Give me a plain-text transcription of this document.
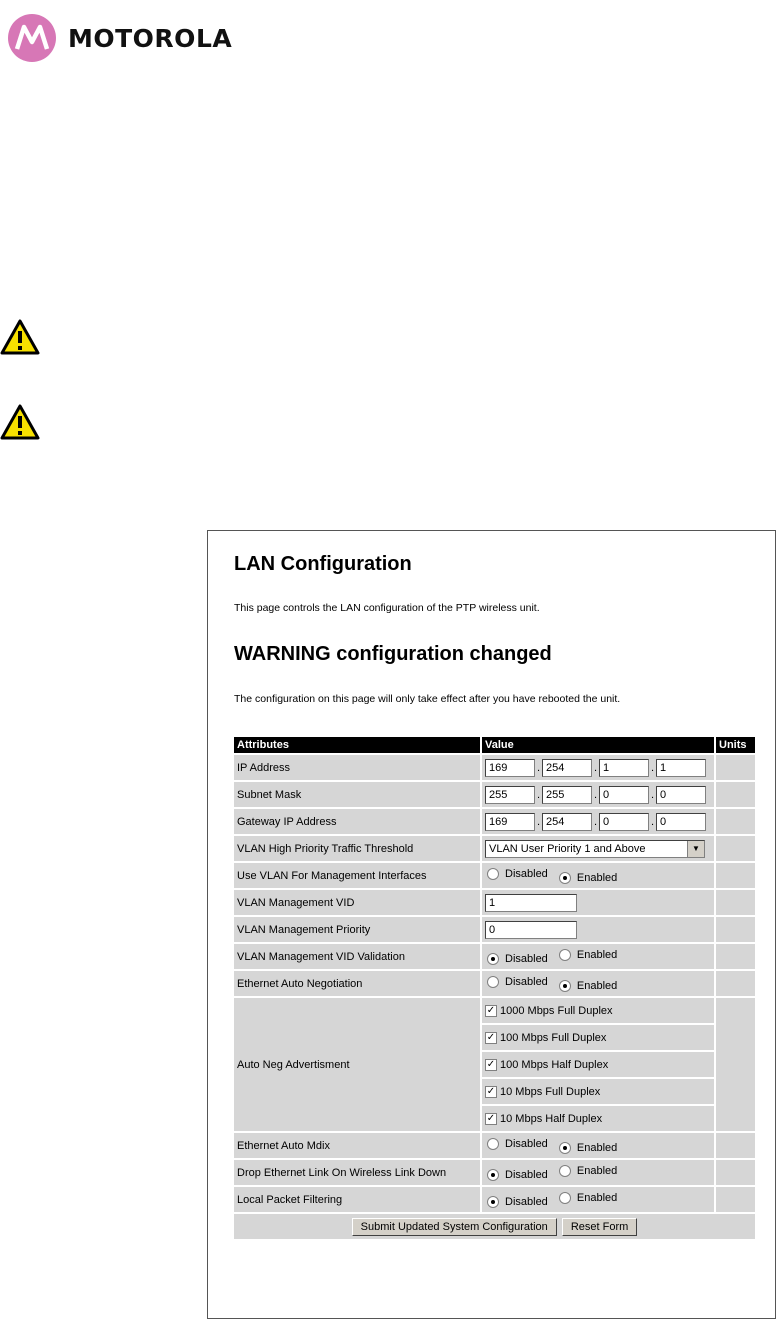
MOTOROLA
LAN Configuration

This page controls the LAN configuration of the PTP wireless unit.

WARNING configuration changed

The configuration on this page will only take effect after you have rebooted the unit.

Attributes	Value	Units
IP Address	169.254 .1 .1	
Subnet Mask	255.255 .0 .0	
Gateway IP Address	169.254 .0 .0	
VLAN High Priority Traffic Threshold	VLAN User Priority 1 and Above ▼	

Use VLAN For Management Interfaces	Disabled
Enabled	

VLAN Management VID	1	
VLAN Management Priority	0	
VLAN Management VID Validation	Disabled
Enabled	

Ethernet Auto Negotiation	Disabled
Enabled	

Auto Neg Advertisment	✓ 1000 Mbps Full Duplex	

✓ 100 Mbps Full Duplex	

✓ 100 Mbps Half Duplex	

✓ 10 Mbps Full Duplex	

✓ 10 Mbps Half Duplex	

Ethernet Auto Mdix	Disabled
Enabled	

Drop Ethernet Link On Wireless Link Down	Disabled
Enabled	

Local Packet Filtering	Disabled
Enabled	

Submit Updated System Configuration Reset Form		
